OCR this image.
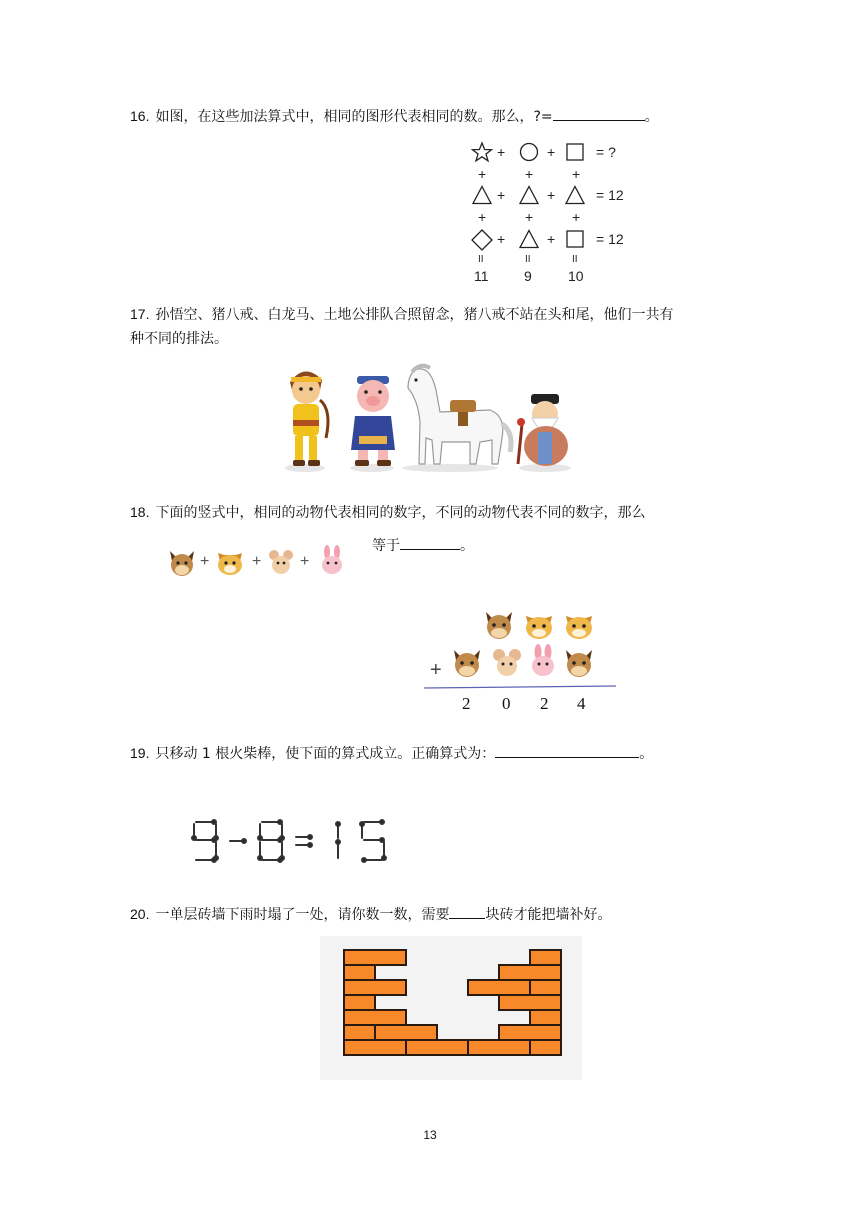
16. 如图，在这些加法算式中，相同的图形代表相同的数。那么，?=	。
+	+	= ?
+	+	+
+	+	= 12
+	+	+
+	+	= 12
II	II	II
11	9	10
17. 孙悟空、猪八戒、白龙马、土地公排队合照留念，猪八戒不站在头和尾，他们一共有
种不同的排法。
18. 下面的竖式中，相同的动物代表相同的数字，不同的动物代表不同的数字，那么
等于	。
+	+ +
+
2 0 2 4
19. 只移动 1 根火柴棒，使下面的算式成立。正确算式为：	。
20. 一单层砖墙下雨时塌了一处，请你数一数，需要	块砖才能把墙补好。
13
